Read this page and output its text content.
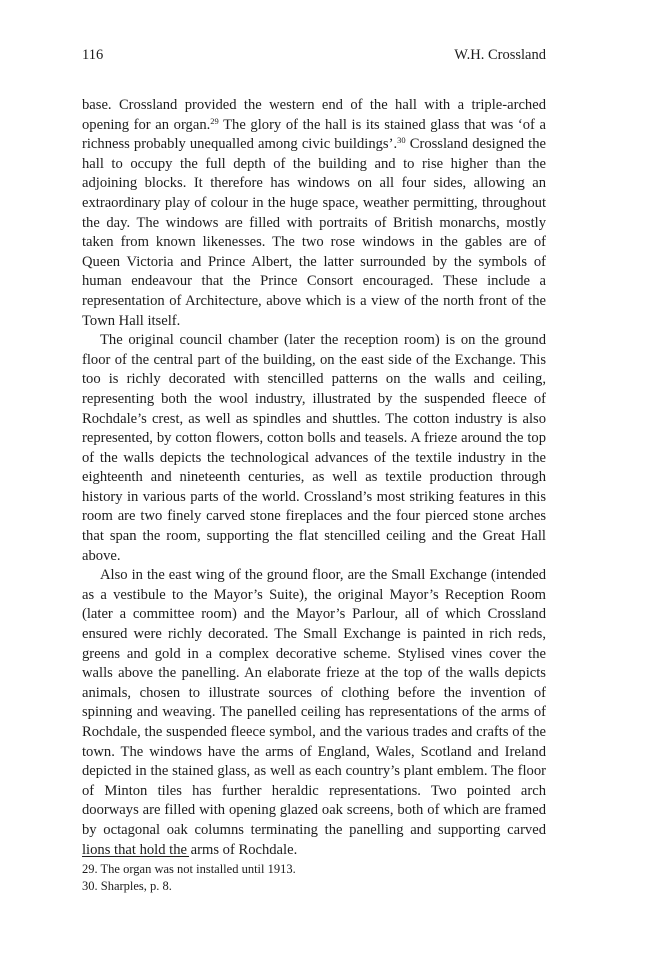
116	W.H. Crossland

base. Crossland provided the western end of the hall with a triple-arched opening for an organ.$^{29}$ The glory of the hall is its stained glass that was ‘of a richness probably unequalled among civic buildings’.$^{30}$ Crossland designed the hall to occupy the full depth of the building and to rise higher than the adjoining blocks. It therefore has windows on all four sides, allowing an extraordinary play of colour in the huge space, weather permitting, throughout the day. The windows are filled with portraits of British monarchs, mostly taken from known likenesses. The two rose windows in the gables are of Queen Victoria and Prince Albert, the latter surrounded by the symbols of human endeavour that the Prince Consort encouraged. These include a representation of Architecture, above which is a view of the north front of the Town Hall itself.

The original council chamber (later the reception room) is on the ground floor of the central part of the building, on the east side of the Exchange. This too is richly decorated with stencilled patterns on the walls and ceiling, representing both the wool industry, illustrated by the suspended fleece of Rochdale’s crest, as well as spindles and shuttles. The cotton industry is also represented, by cotton flowers, cotton bolls and teasels. A frieze around the top of the walls depicts the technological advances of the textile industry in the eighteenth and nineteenth centuries, as well as textile production through history in various parts of the world. Crossland’s most striking features in this room are two finely carved stone fireplaces and the four pierced stone arches that span the room, supporting the flat stencilled ceiling and the Great Hall above.

Also in the east wing of the ground floor, are the Small Exchange (intended as a vestibule to the Mayor’s Suite), the original Mayor’s Reception Room (later a committee room) and the Mayor’s Parlour, all of which Crossland ensured were richly decorated. The Small Exchange is painted in rich reds, greens and gold in a complex decorative scheme. Stylised vines cover the walls above the panelling. An elaborate frieze at the top of the walls depicts animals, chosen to illustrate sources of clothing before the invention of spinning and weaving. The panelled ceiling has representations of the arms of Rochdale, the suspended fleece symbol, and the various trades and crafts of the town. The windows have the arms of England, Wales, Scotland and Ireland depicted in the stained glass, as well as each country’s plant emblem. The floor of Minton tiles has further heraldic representations. Two pointed arch doorways are filled with opening glazed oak screens, both of which are framed by octagonal oak columns terminating the panelling and supporting carved lions that hold the arms of Rochdale.

29. The organ was not installed until 1913.
30. Sharples, p. 8.
